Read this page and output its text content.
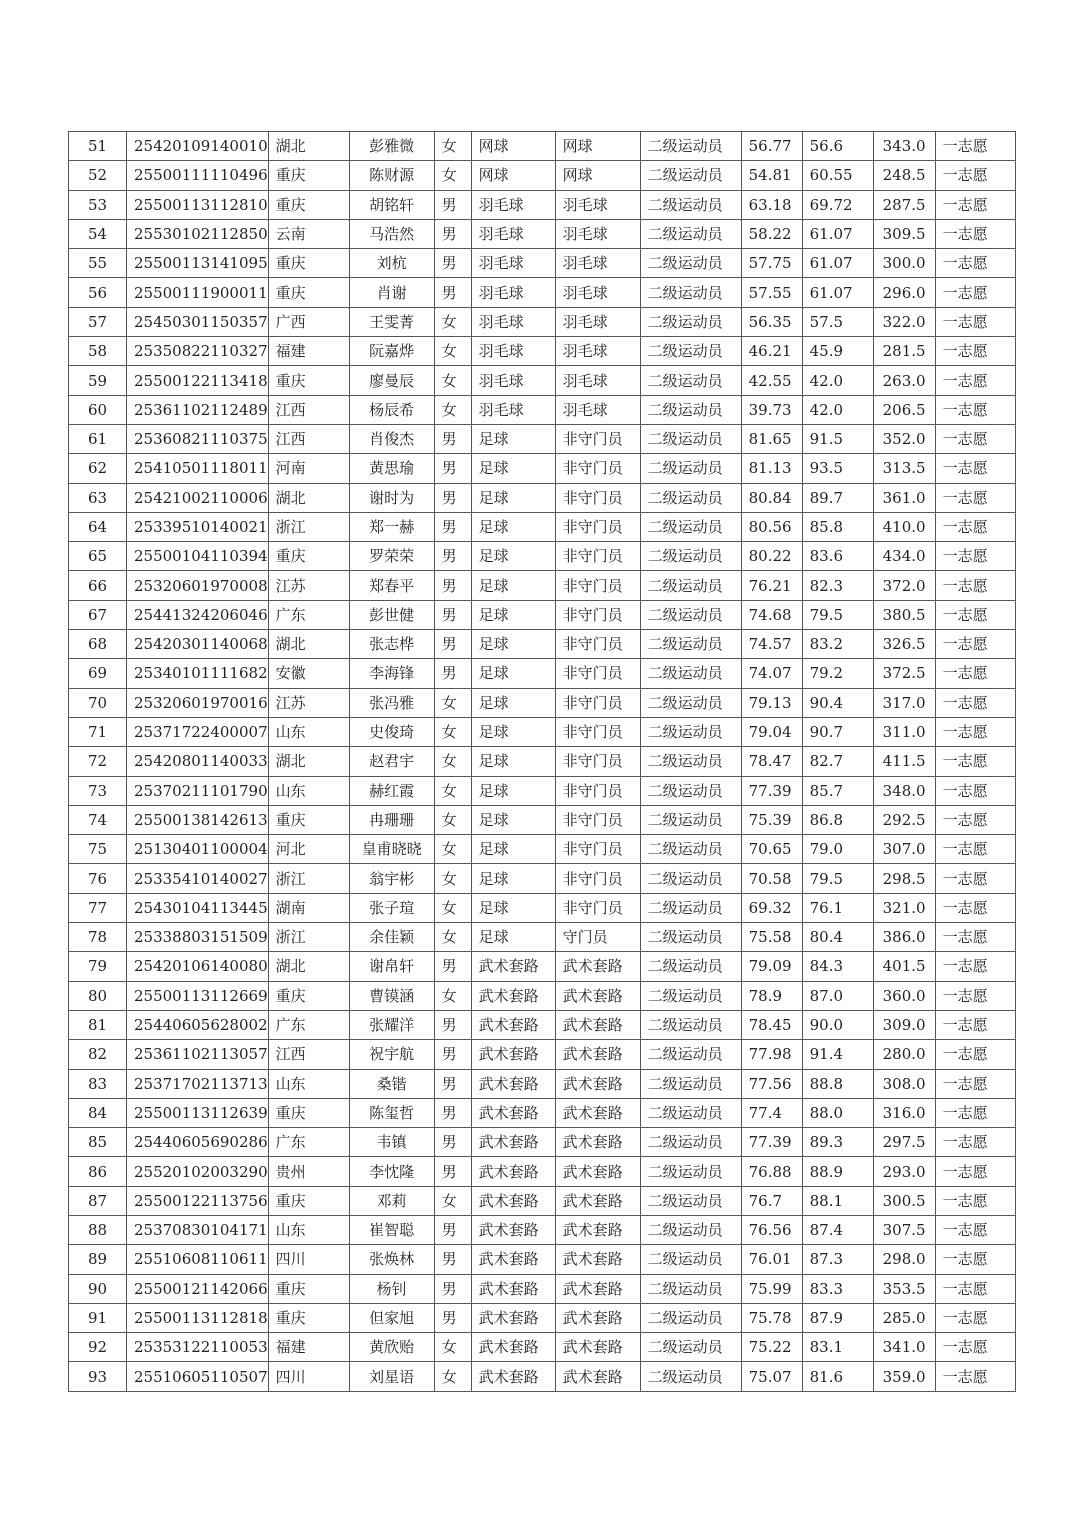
51	25420109140010	湖北	彭雅微	女	网球	网球	二级运动员	56.77	56.6	343.0	一志愿
52	25500111110496	重庆	陈财源	女	网球	网球	二级运动员	54.81	60.55	248.5	一志愿
53	25500113112810	重庆	胡铭轩	男	羽毛球	羽毛球	二级运动员	63.18	69.72	287.5	一志愿
54	25530102112850	云南	马浩然	男	羽毛球	羽毛球	二级运动员	58.22	61.07	309.5	一志愿
55	25500113141095	重庆	刘杭	男	羽毛球	羽毛球	二级运动员	57.75	61.07	300.0	一志愿
56	25500111900011	重庆	肖谢	男	羽毛球	羽毛球	二级运动员	57.55	61.07	296.0	一志愿
57	25450301150357	广西	王雯菁	女	羽毛球	羽毛球	二级运动员	56.35	57.5	322.0	一志愿
58	25350822110327	福建	阮嘉烨	女	羽毛球	羽毛球	二级运动员	46.21	45.9	281.5	一志愿
59	25500122113418	重庆	廖曼辰	女	羽毛球	羽毛球	二级运动员	42.55	42.0	263.0	一志愿
60	25361102112489	江西	杨辰希	女	羽毛球	羽毛球	二级运动员	39.73	42.0	206.5	一志愿
61	25360821110375	江西	肖俊杰	男	足球	非守门员	二级运动员	81.65	91.5	352.0	一志愿
62	25410501118011	河南	黄思瑜	男	足球	非守门员	二级运动员	81.13	93.5	313.5	一志愿
63	25421002110006	湖北	谢时为	男	足球	非守门员	二级运动员	80.84	89.7	361.0	一志愿
64	25339510140021	浙江	郑一赫	男	足球	非守门员	二级运动员	80.56	85.8	410.0	一志愿
65	25500104110394	重庆	罗荣荣	男	足球	非守门员	二级运动员	80.22	83.6	434.0	一志愿
66	25320601970008	江苏	郑春平	男	足球	非守门员	二级运动员	76.21	82.3	372.0	一志愿
67	25441324206046	广东	彭世健	男	足球	非守门员	二级运动员	74.68	79.5	380.5	一志愿
68	25420301140068	湖北	张志桦	男	足球	非守门员	二级运动员	74.57	83.2	326.5	一志愿
69	25340101111682	安徽	李海锋	男	足球	非守门员	二级运动员	74.07	79.2	372.5	一志愿
70	25320601970016	江苏	张冯雅	女	足球	非守门员	二级运动员	79.13	90.4	317.0	一志愿
71	25371722400007	山东	史俊琦	女	足球	非守门员	二级运动员	79.04	90.7	311.0	一志愿
72	25420801140033	湖北	赵君宇	女	足球	非守门员	二级运动员	78.47	82.7	411.5	一志愿
73	25370211101790	山东	赫红霞	女	足球	非守门员	二级运动员	77.39	85.7	348.0	一志愿
74	25500138142613	重庆	冉珊珊	女	足球	非守门员	二级运动员	75.39	86.8	292.5	一志愿
75	25130401100004	河北	皇甫晓晓	女	足球	非守门员	二级运动员	70.65	79.0	307.0	一志愿
76	25335410140027	浙江	翁宇彬	女	足球	非守门员	二级运动员	70.58	79.5	298.5	一志愿
77	25430104113445	湖南	张子瑄	女	足球	非守门员	二级运动员	69.32	76.1	321.0	一志愿
78	25338803151509	浙江	余佳颖	女	足球	守门员	二级运动员	75.58	80.4	386.0	一志愿
79	25420106140080	湖北	谢帛轩	男	武术套路	武术套路	二级运动员	79.09	84.3	401.5	一志愿
80	25500113112669	重庆	曹镆涵	女	武术套路	武术套路	二级运动员	78.9	87.0	360.0	一志愿
81	25440605628002	广东	张耀洋	男	武术套路	武术套路	二级运动员	78.45	90.0	309.0	一志愿
82	25361102113057	江西	祝宇航	男	武术套路	武术套路	二级运动员	77.98	91.4	280.0	一志愿
83	25371702113713	山东	桑锴	男	武术套路	武术套路	二级运动员	77.56	88.8	308.0	一志愿
84	25500113112639	重庆	陈玺哲	男	武术套路	武术套路	二级运动员	77.4	88.0	316.0	一志愿
85	25440605690286	广东	韦镇	男	武术套路	武术套路	二级运动员	77.39	89.3	297.5	一志愿
86	25520102003290	贵州	李忱隆	男	武术套路	武术套路	二级运动员	76.88	88.9	293.0	一志愿
87	25500122113756	重庆	邓莉	女	武术套路	武术套路	二级运动员	76.7	88.1	300.5	一志愿
88	25370830104171	山东	崔智聪	男	武术套路	武术套路	二级运动员	76.56	87.4	307.5	一志愿
89	25510608110611	四川	张焕林	男	武术套路	武术套路	二级运动员	76.01	87.3	298.0	一志愿
90	25500121142066	重庆	杨钊	男	武术套路	武术套路	二级运动员	75.99	83.3	353.5	一志愿
91	25500113112818	重庆	但家旭	男	武术套路	武术套路	二级运动员	75.78	87.9	285.0	一志愿
92	25353122110053	福建	黄欣贻	女	武术套路	武术套路	二级运动员	75.22	83.1	341.0	一志愿
93	25510605110507	四川	刘星语	女	武术套路	武术套路	二级运动员	75.07	81.6	359.0	一志愿
